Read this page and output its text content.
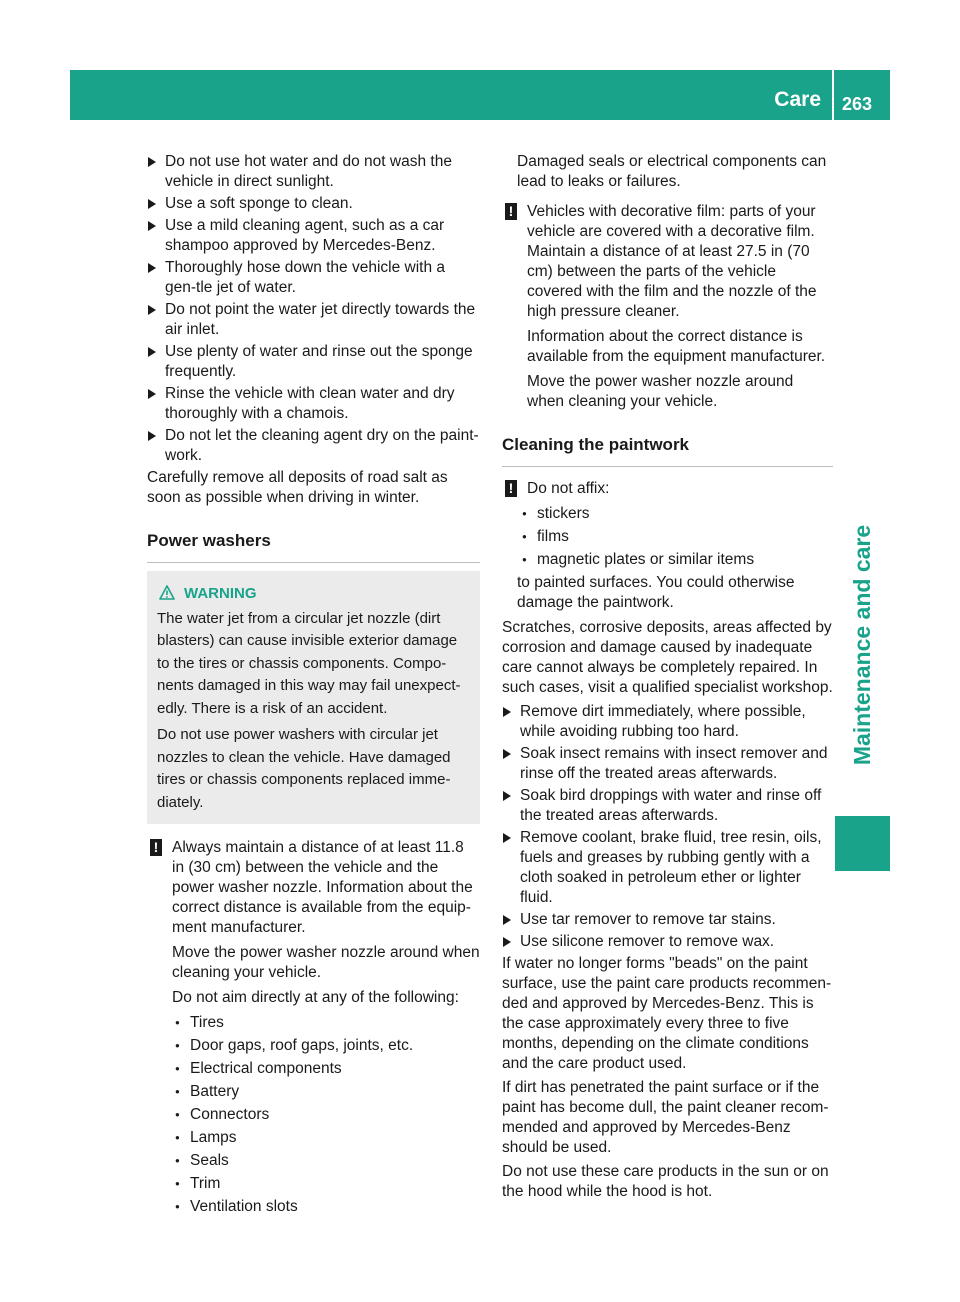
Care 263
Maintenance and care
Do not use hot water and do not wash the vehicle in direct sunlight.
Use a soft sponge to clean.
Use a mild cleaning agent, such as a car shampoo approved by Mercedes-Benz.
Thoroughly hose down the vehicle with a gen-tle jet of water.
Do not point the water jet directly towards the air inlet.
Use plenty of water and rinse out the sponge frequently.
Rinse the vehicle with clean water and dry thoroughly with a chamois.
Do not let the cleaning agent dry on the paint-work.

Carefully remove all deposits of road salt as soon as possible when driving in winter.

Power washers
WARNING

The water jet from a circular jet nozzle (dirt blasters) can cause invisible exterior damage to the tires or chassis components. Compo-nents damaged in this way may fail unexpect-edly. There is a risk of an accident.

Do not use power washers with circular jet nozzles to clean the vehicle. Have damaged tires or chassis components replaced imme-diately.

! Always maintain a distance of at least 11.8 in (30 cm) between the vehicle and the power washer nozzle. Information about the correct distance is available from the equip-ment manufacturer.

Move the power washer nozzle around when cleaning your vehicle.

Do not aim directly at any of the following:

● Tires
● Door gaps, roof gaps, joints, etc.
● Electrical components
● Battery
● Connectors
● Lamps
● Seals
● Trim
● Ventilation slots

Damaged seals or electrical components can lead to leaks or failures.

! Vehicles with decorative film: parts of your vehicle are covered with a decorative film. Maintain a distance of at least 27.5 in (70 cm) between the parts of the vehicle covered with the film and the nozzle of the high pressure cleaner.

Information about the correct distance is available from the equipment manufacturer.

Move the power washer nozzle around when cleaning your vehicle.

Cleaning the paintwork
! Do not affix:

● stickers
● films
● magnetic plates or similar items

to painted surfaces. You could otherwise damage the paintwork.

Scratches, corrosive deposits, areas affected by corrosion and damage caused by inadequate care cannot always be completely repaired. In such cases, visit a qualified specialist workshop.

Remove dirt immediately, where possible, while avoiding rubbing too hard.
Soak insect remains with insect remover and rinse off the treated areas afterwards.
Soak bird droppings with water and rinse off the treated areas afterwards.
Remove coolant, brake fluid, tree resin, oils, fuels and greases by rubbing gently with a cloth soaked in petroleum ether or lighter fluid.
Use tar remover to remove tar stains.
Use silicone remover to remove wax.

If water no longer forms "beads" on the paint surface, use the paint care products recommen-ded and approved by Mercedes-Benz. This is the case approximately every three to five months, depending on the climate conditions and the care product used.

If dirt has penetrated the paint surface or if the paint has become dull, the paint cleaner recom-mended and approved by Mercedes-Benz should be used.

Do not use these care products in the sun or on the hood while the hood is hot.
